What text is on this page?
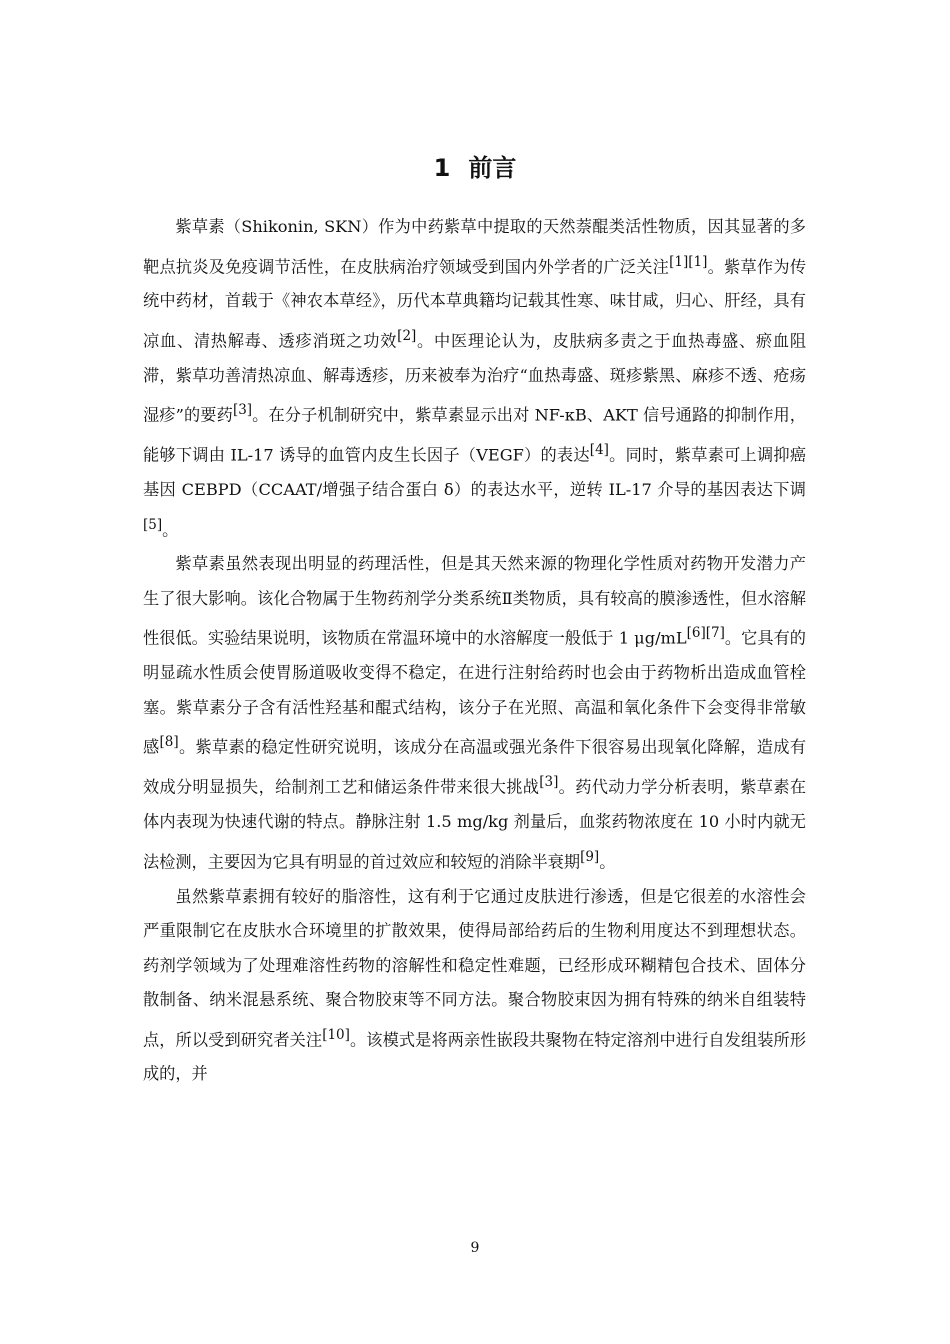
1 前言

紫草素（Shikonin, SKN）作为中药紫草中提取的天然萘醌类活性物质，因其显著的多靶点抗炎及免疫调节活性，在皮肤病治疗领域受到国内外学者的广泛关注[1][1]。紫草作为传统中药材，首载于《神农本草经》，历代本草典籍均记载其性寒、味甘咸，归心、肝经，具有凉血、清热解毒、透疹消斑之功效[2]。中医理论认为，皮肤病多责之于血热毒盛、瘀血阻滞，紫草功善清热凉血、解毒透疹，历来被奉为治疗“血热毒盛、斑疹紫黑、麻疹不透、疮疡湿疹”的要药[3]。在分子机制研究中，紫草素显示出对 NF-κB、AKT 信号通路的抑制作用，能够下调由 IL-17 诱导的血管内皮生长因子（VEGF）的表达[4]。同时，紫草素可上调抑癌基因 CEBPD（CCAAT/增强子结合蛋白 δ）的表达水平，逆转 IL-17 介导的基因表达下调[5]。

紫草素虽然表现出明显的药理活性，但是其天然来源的物理化学性质对药物开发潜力产生了很大影响。该化合物属于生物药剂学分类系统Ⅱ类物质，具有较高的膜渗透性，但水溶解性很低。实验结果说明，该物质在常温环境中的水溶解度一般低于 1 μg/mL[6][7]。它具有的明显疏水性质会使胃肠道吸收变得不稳定，在进行注射给药时也会由于药物析出造成血管栓塞。紫草素分子含有活性羟基和醌式结构，该分子在光照、高温和氧化条件下会变得非常敏感[8]。紫草素的稳定性研究说明，该成分在高温或强光条件下很容易出现氧化降解，造成有效成分明显损失，给制剂工艺和储运条件带来很大挑战[3]。药代动力学分析表明，紫草素在体内表现为快速代谢的特点。静脉注射 1.5 mg/kg 剂量后，血浆药物浓度在 10 小时内就无法检测，主要因为它具有明显的首过效应和较短的消除半衰期[9]。

虽然紫草素拥有较好的脂溶性，这有利于它通过皮肤进行渗透，但是它很差的水溶性会严重限制它在皮肤水合环境里的扩散效果，使得局部给药后的生物利用度达不到理想状态。药剂学领域为了处理难溶性药物的溶解性和稳定性难题，已经形成环糊精包合技术、固体分散制备、纳米混悬系统、聚合物胶束等不同方法。聚合物胶束因为拥有特殊的纳米自组装特点，所以受到研究者关注[10]。该模式是将两亲性嵌段共聚物在特定溶剂中进行自发组装所形成的，并

9
